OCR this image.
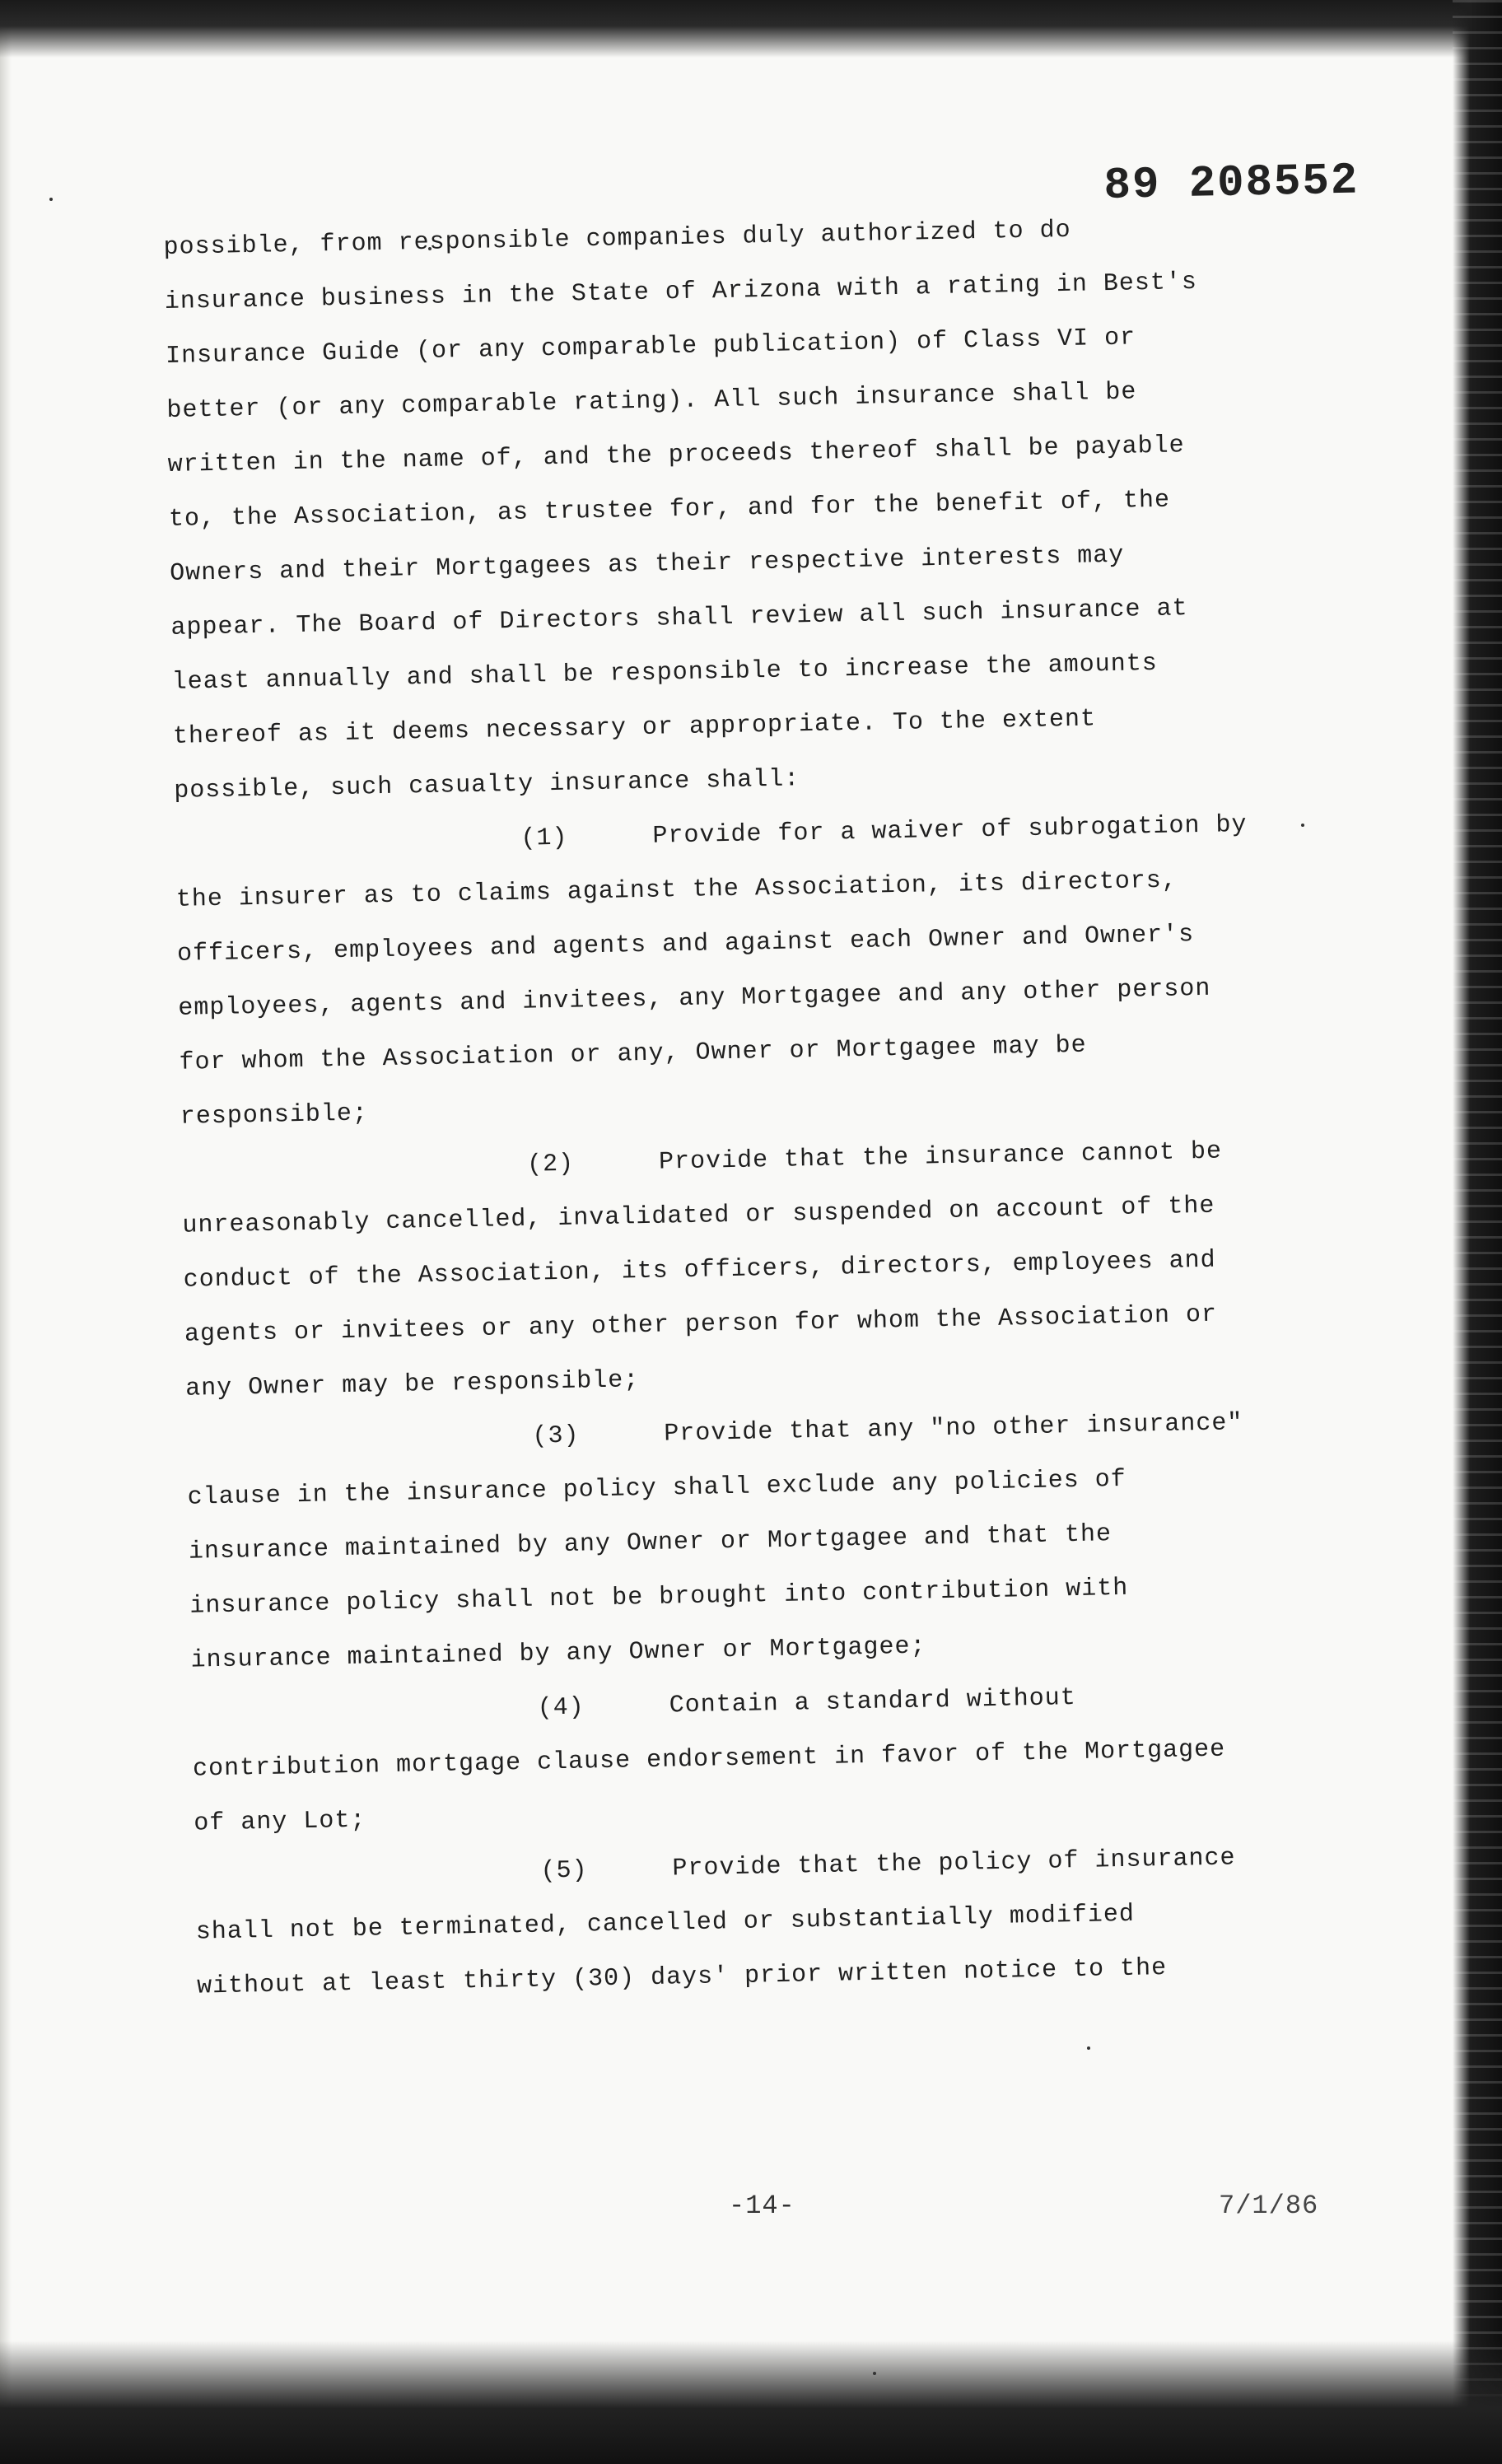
89 208552
possible, from responsible companies duly authorized to do
insurance business in the State of Arizona with a rating in Best's
Insurance Guide (or any comparable publication) of Class VI or
better (or any comparable rating). All such insurance shall be
written in the name of, and the proceeds thereof shall be payable
to, the Association, as trustee for, and for the benefit of, the
Owners and their Mortgagees as their respective interests may
appear. The Board of Directors shall review all such insurance at
least annually and shall be responsible to increase the amounts
thereof as it deems necessary or appropriate. To the extent
possible, such casualty insurance shall:
(1)	Provide for a waiver of subrogation by
the insurer as to claims against the Association, its directors,
officers, employees and agents and against each Owner and Owner's
employees, agents and invitees, any Mortgagee and any other person
for whom the Association or any, Owner or Mortgagee may be
responsible;
(2)	Provide that the insurance cannot be
unreasonably cancelled, invalidated or suspended on account of the
conduct of the Association, its officers, directors, employees and
agents or invitees or any other person for whom the Association or
any Owner may be responsible;
(3)	Provide that any "no other insurance"
clause in the insurance policy shall exclude any policies of
insurance maintained by any Owner or Mortgagee and that the
insurance policy shall not be brought into contribution with
insurance maintained by any Owner or Mortgagee;
(4)	Contain a standard without
contribution mortgage clause endorsement in favor of the Mortgagee
of any Lot;
(5)	Provide that the policy of insurance
shall not be terminated, cancelled or substantially modified
without at least thirty (30) days' prior written notice to the
-14-	7/1/86
